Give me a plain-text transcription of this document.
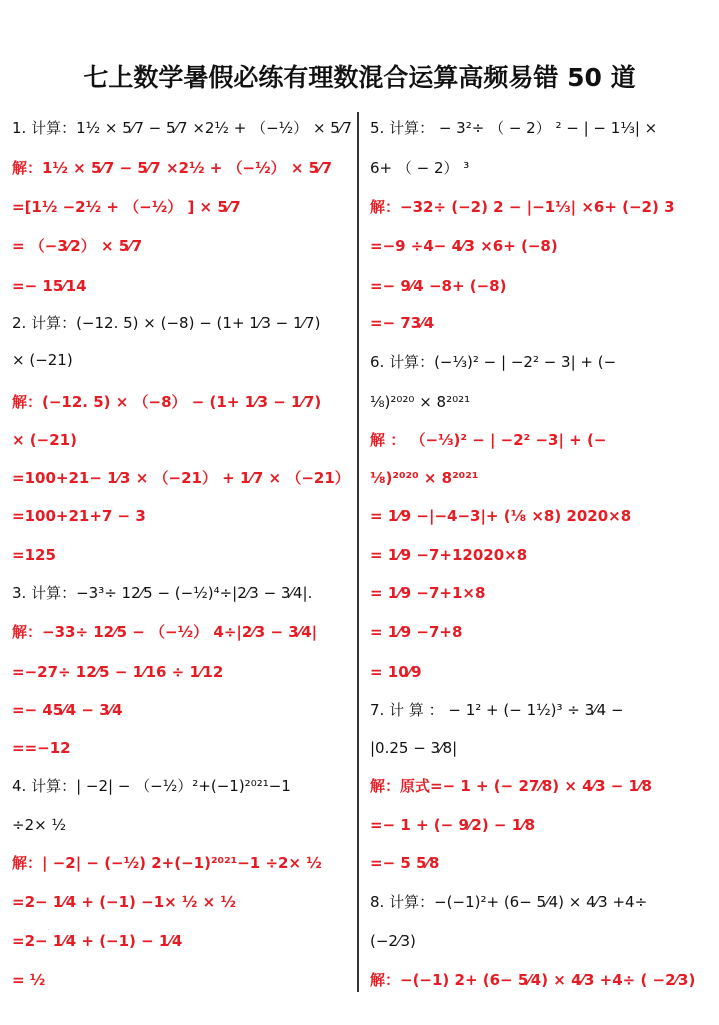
七上数学暑假必练有理数混合运算高频易错 50 道
1. 计算：1½ × 5⁄7 − 5⁄7 ×2½ + （−½） × 5⁄7
解：1½ × 5⁄7 − 5⁄7 ×2½ + （−½） × 5⁄7
=[1½ −2½ + （−½） ] × 5⁄7
= （−3⁄2） × 5⁄7
=− 15⁄14
2. 计算：(−12. 5) × (−8) − (1+ 1⁄3 − 1⁄7)
× (−21)
解：(−12. 5) × （−8） − (1+ 1⁄3 − 1⁄7)
× (−21)
=100+21− 1⁄3 × （−21） + 1⁄7 × （−21）
=100+21+7 − 3
=125
3. 计算：−3³÷ 12⁄5 − (−½)⁴÷|2⁄3 − 3⁄4|.
解：−33÷ 12⁄5 − （−½） 4÷|2⁄3 − 3⁄4|
=−27÷ 12⁄5 − 1⁄16 ÷ 1⁄12
=− 45⁄4 − 3⁄4
==−12
4. 计算：| −2| − （−½）²+(−1)²⁰²¹−1
÷2× ½
解：| −2| − (−½) 2+(−1)²⁰²¹−1 ÷2× ½
=2− 1⁄4 + (−1) −1× ½ × ½
=2− 1⁄4 + (−1) − 1⁄4
= ½
5. 计算： − 3²÷ （ − 2） ² − | − 1⅓| ×
6+ （ − 2） ³
解：−32÷ (−2) 2 − |−1⅓| ×6+ (−2) 3
=−9 ÷4− 4⁄3 ×6+ (−8)
=− 9⁄4 −8+ (−8)
=− 73⁄4
6. 计算：(−⅓)² − | −2² − 3| + (−
⅛)²⁰²⁰ × 8²⁰²¹
解 ： （−⅓)² − | −2² −3| + (−
⅛)²⁰²⁰ × 8²⁰²¹
= 1⁄9 −|−4−3|+ (⅛ ×8) 2020×8
= 1⁄9 −7+12020×8
= 1⁄9 −7+1×8
= 1⁄9 −7+8
= 10⁄9
7. 计 算 ： − 1² + (− 1½)³ ÷ 3⁄4 −
|0.25 − 3⁄8|
解：原式=− 1 + (− 27⁄8) × 4⁄3 − 1⁄8
=− 1 + (− 9⁄2) − 1⁄8
=− 5 5⁄8
8. 计算：−(−1)²+ (6− 5⁄4) × 4⁄3 +4÷
(−2⁄3)
解：−(−1) 2+ (6− 5⁄4) × 4⁄3 +4÷ ( −2⁄3)
